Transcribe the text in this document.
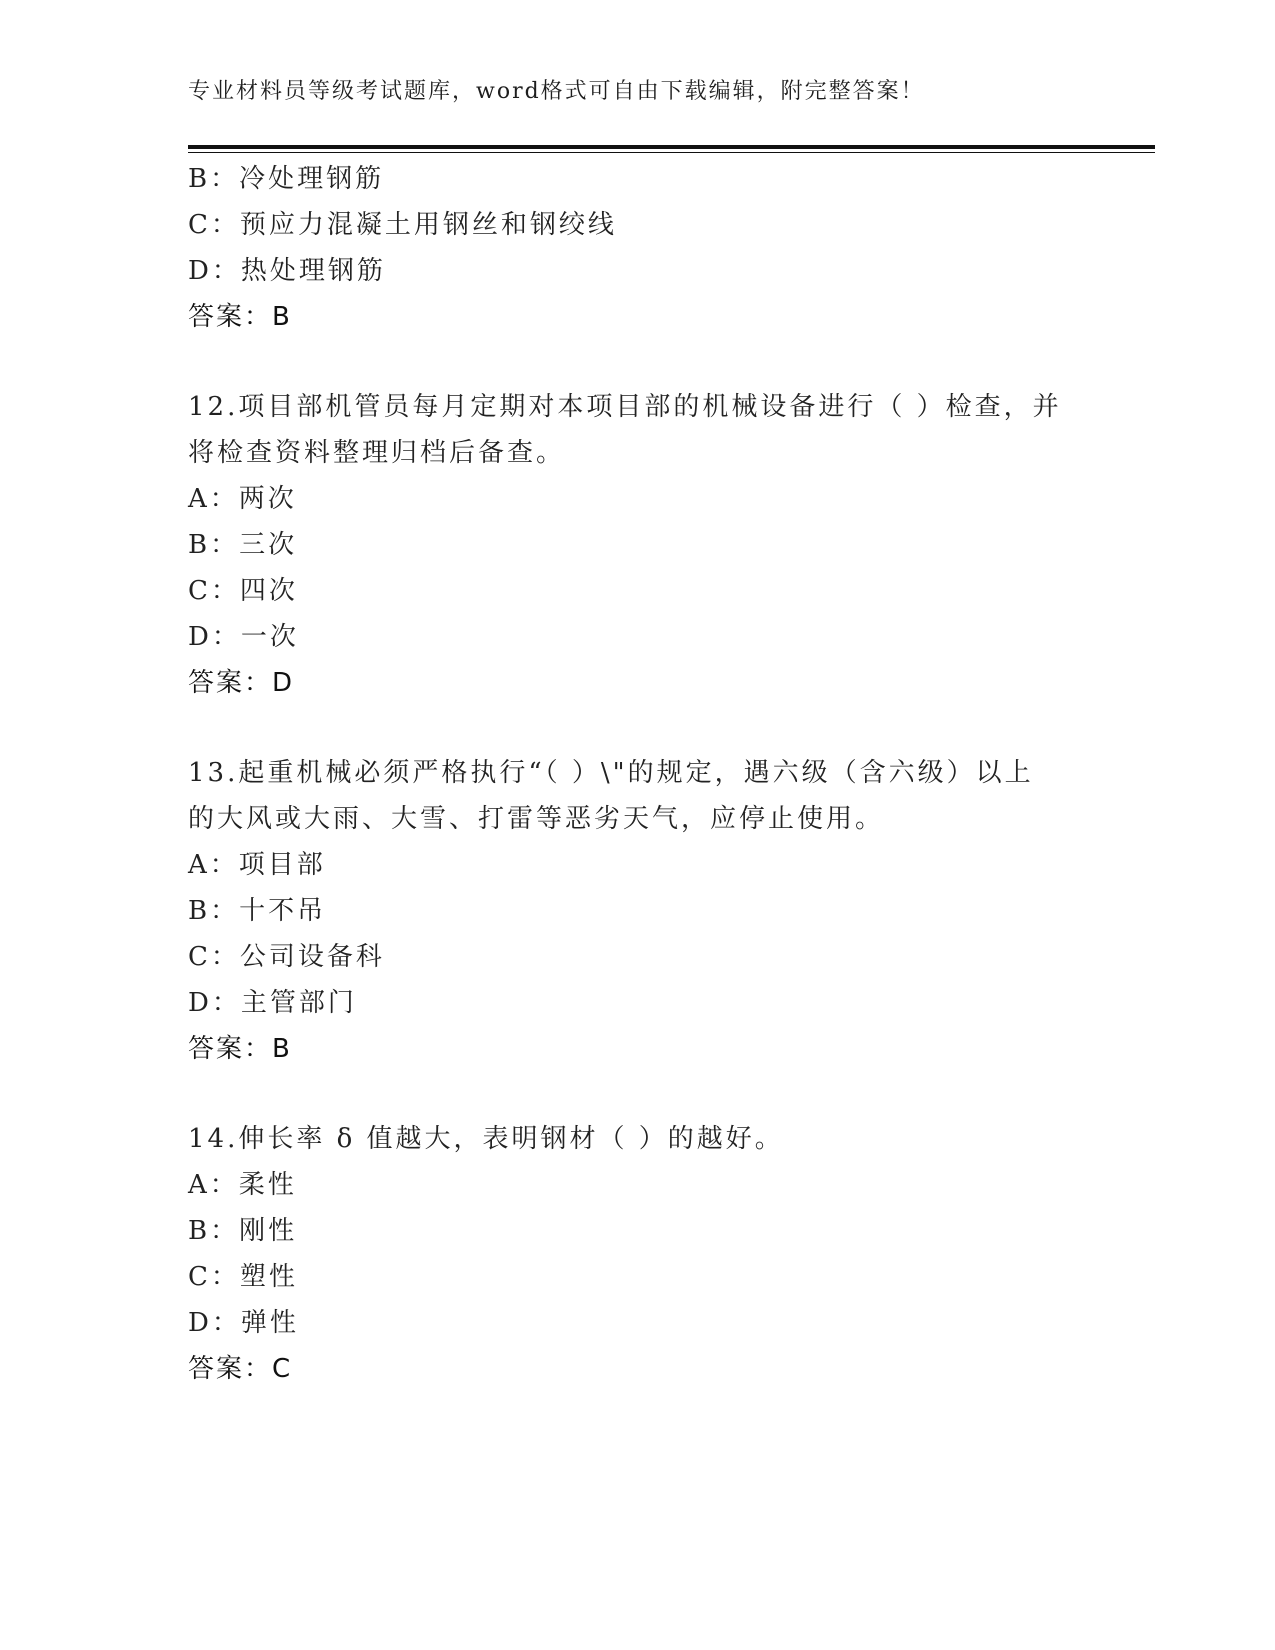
专业材料员等级考试题库，word格式可自由下载编辑，附完整答案！
B：冷处理钢筋
C：预应力混凝土用钢丝和钢绞线
D：热处理钢筋
答案：B
12.项目部机管员每月定期对本项目部的机械设备进行（ ）检查，并
将检查资料整理归档后备查。
A：两次
B：三次
C：四次
D：一次
答案：D
13.起重机械必须严格执行“（ ）\"的规定，遇六级（含六级）以上
的大风或大雨、大雪、打雷等恶劣天气，应停止使用。
A：项目部
B：十不吊
C：公司设备科
D：主管部门
答案：B
14.伸长率 δ 值越大，表明钢材（ ）的越好。
A：柔性
B：刚性
C：塑性
D：弹性
答案：C
